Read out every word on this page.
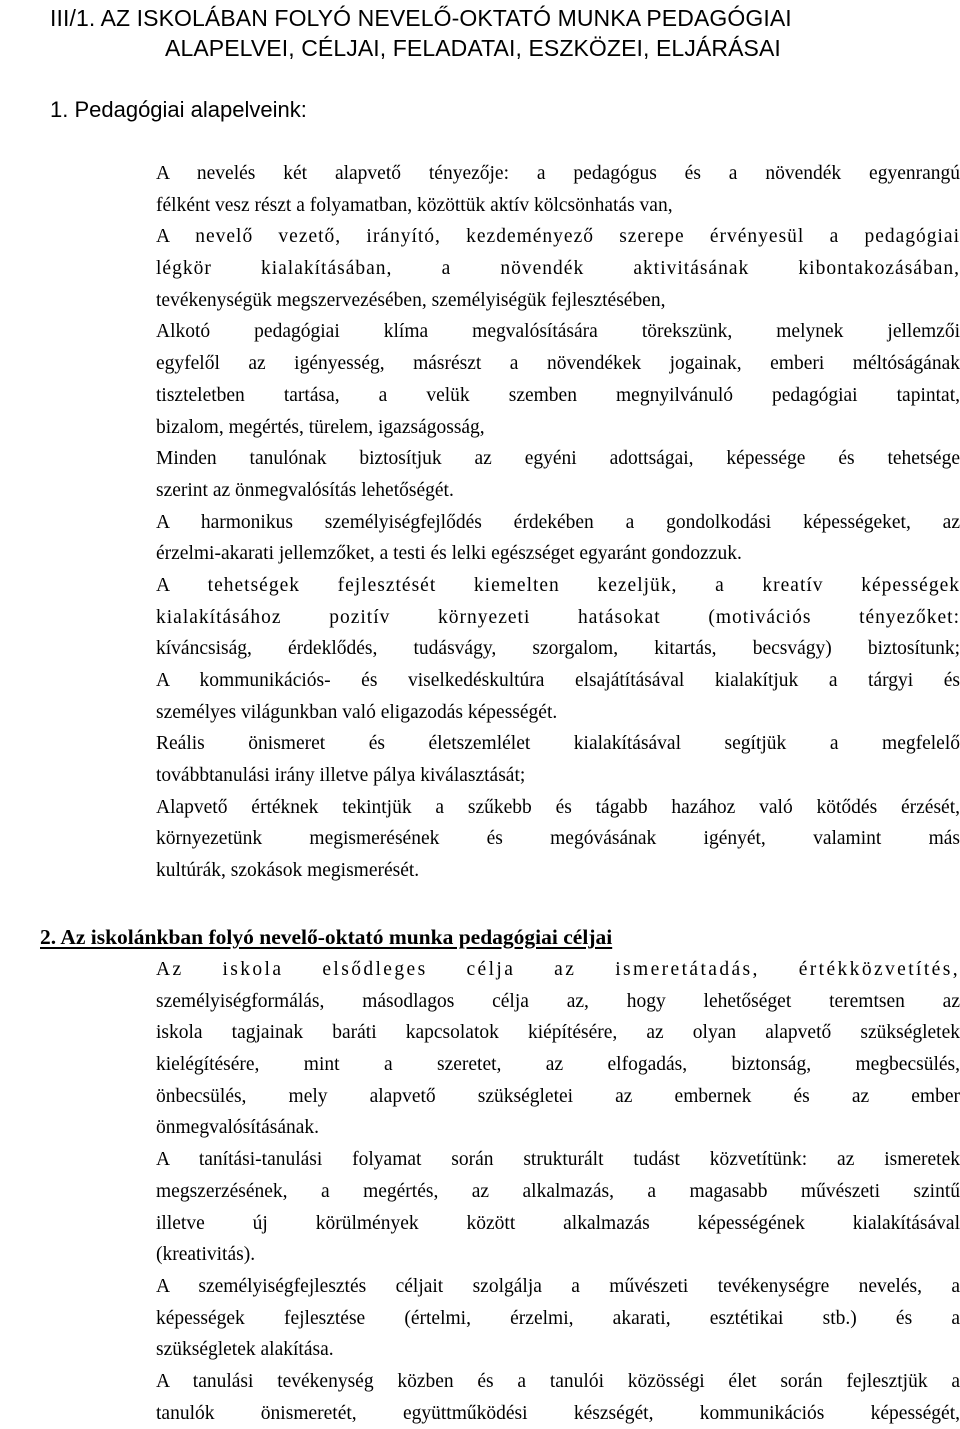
III/1. AZ ISKOLÁBAN FOLYÓ NEVELŐ-OKTATÓ MUNKA PEDAGÓGIAI
ALAPELVEI, CÉLJAI, FELADATAI, ESZKÖZEI, ELJÁRÁSAI
1. Pedagógiai alapelveink:
A nevelés két alapvető tényezője: a pedagógus és a növendék egyenrangú
félként vesz részt a folyamatban, közöttük aktív kölcsönhatás van,
A nevelő vezető, irányító, kezdeményező szerepe érvényesül a pedagógiai
légkör kialakításában, a növendék aktivitásának kibontakozásában,
tevékenységük megszervezésében, személyiségük fejlesztésében,
Alkotó pedagógiai klíma megvalósítására törekszünk, melynek jellemzői
egyfelől az igényesség, másrészt a növendékek jogainak, emberi méltóságának
tiszteletben tartása, a velük szemben megnyilvánuló pedagógiai tapintat,
bizalom, megértés, türelem, igazságosság,
Minden tanulónak biztosítjuk az egyéni adottságai, képessége és tehetsége
szerint az önmegvalósítás lehetőségét.
A harmonikus személyiségfejlődés érdekében a gondolkodási képességeket, az
érzelmi-akarati jellemzőket, a testi és lelki egészséget egyaránt gondozzuk.
A tehetségek fejlesztését kiemelten kezeljük, a kreatív képességek
kialakításához pozitív környezeti hatásokat (motivációs tényezőket:
kíváncsiság, érdeklődés, tudásvágy, szorgalom, kitartás, becsvágy) biztosítunk;
A kommunikációs- és viselkedéskultúra elsajátításával kialakítjuk a tárgyi és
személyes világunkban való eligazodás képességét.
Reális önismeret és életszemlélet kialakításával segítjük a megfelelő
továbbtanulási irány illetve pálya kiválasztását;
Alapvető értéknek tekintjük a szűkebb és tágabb hazához való kötődés érzését,
környezetünk megismerésének és megóvásának igényét, valamint más
kultúrák, szokások megismerését.
2. Az iskolánkban folyó nevelő-oktató munka pedagógiai céljai
Az iskola elsődleges célja az ismeretátadás, értékközvetítés,
személyiségformálás, másodlagos célja az, hogy lehetőséget teremtsen az
iskola tagjainak baráti kapcsolatok kiépítésére, az olyan alapvető szükségletek
kielégítésére, mint a szeretet, az elfogadás, biztonság, megbecsülés,
önbecsülés, mely alapvető szükségletei az embernek és az ember
önmegvalósításának.
A tanítási-tanulási folyamat során strukturált tudást közvetítünk: az ismeretek
megszerzésének, a megértés, az alkalmazás, a magasabb művészeti szintű
illetve új körülmények között alkalmazás képességének kialakításával
(kreativitás).
A személyiségfejlesztés céljait szolgálja a művészeti tevékenységre nevelés, a
képességek fejlesztése (értelmi, érzelmi, akarati, esztétikai stb.) és a
szükségletek alakítása.
A tanulási tevékenység közben és a tanulói közösségi élet során fejlesztjük a
tanulók önismeretét, együttműködési készségét, kommunikációs képességét,
